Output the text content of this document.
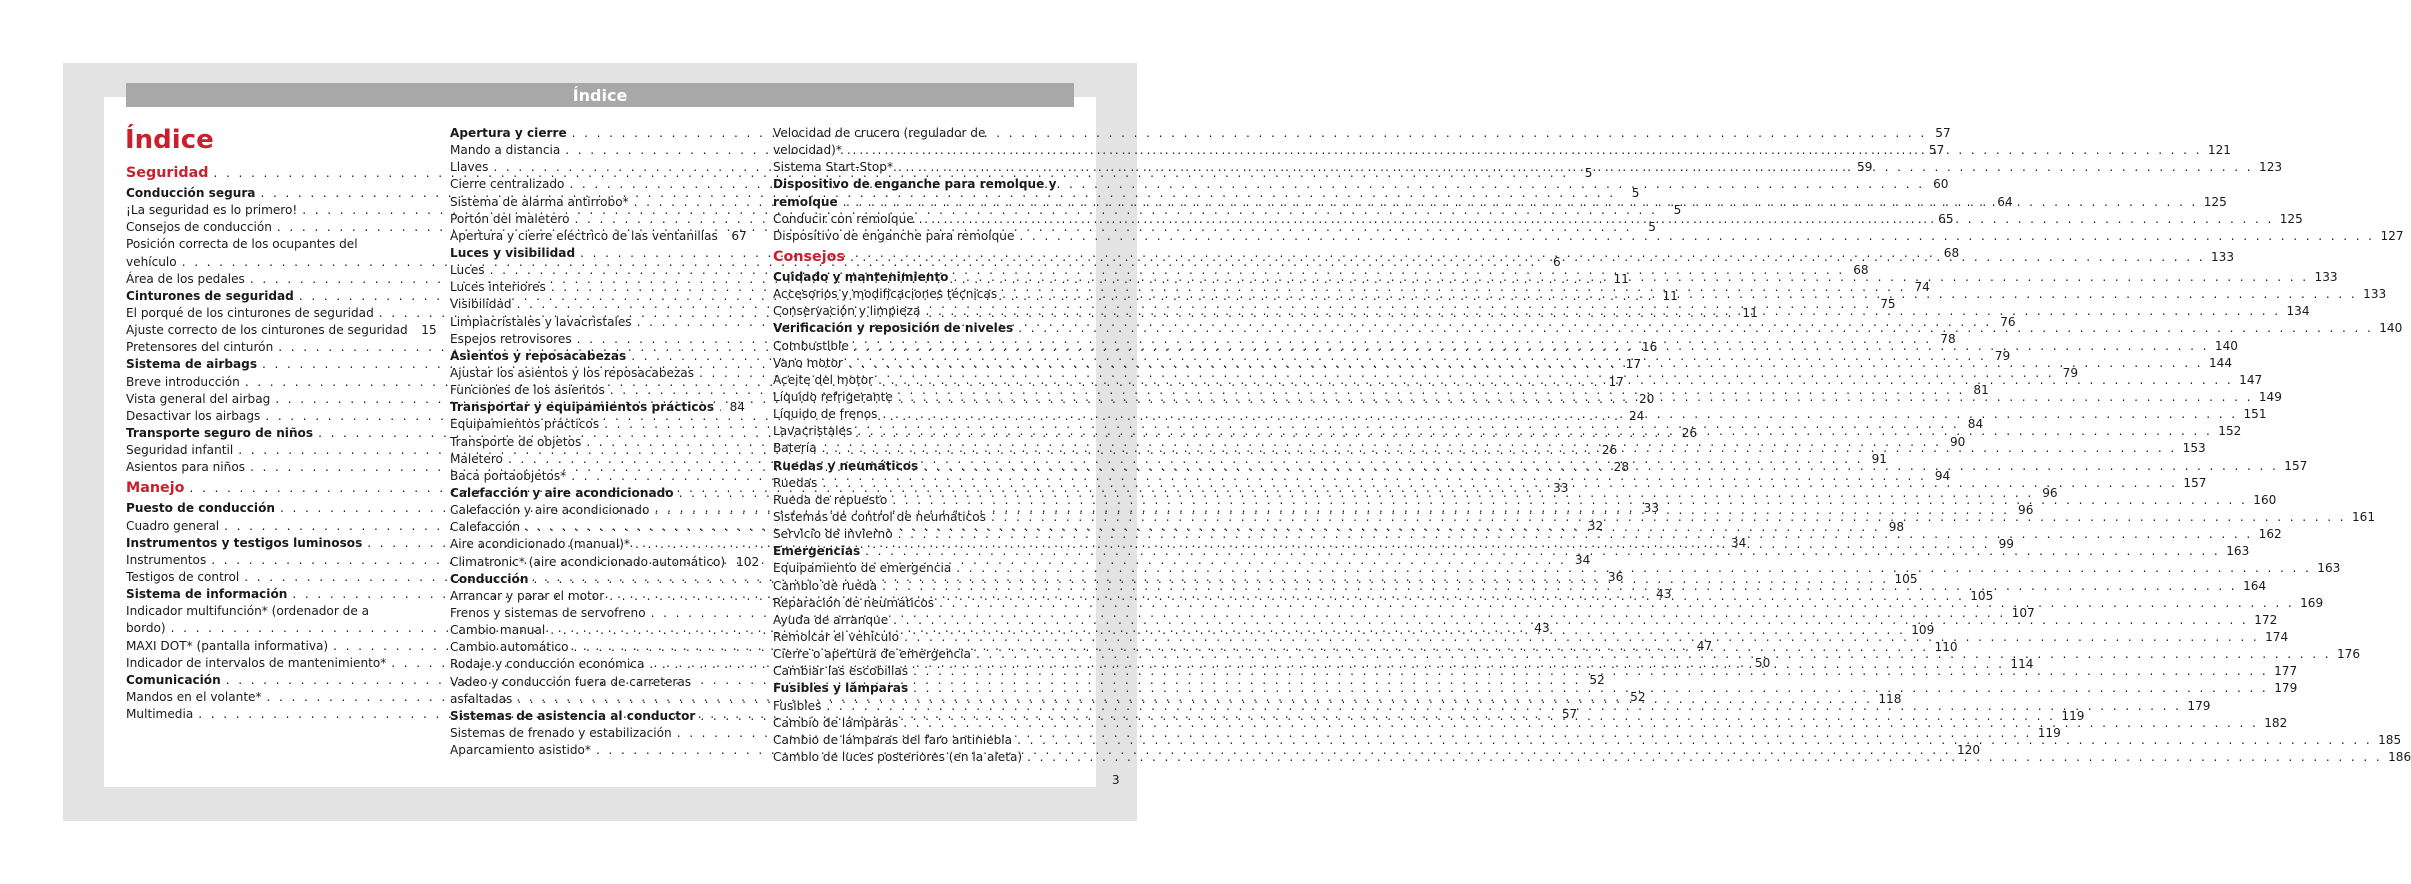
Índice
Índice
Seguridad . . .	5
Conducción segura . . .	5
¡La seguridad es lo primero! . . .	5
Consejos de conducción . . .	5
Posición correcta de los ocupantes del
vehículo . . .	6
Área de los pedales . . .	11
Cinturones de seguridad . . .	11
El porqué de los cinturones de seguridad . . .	11
Ajuste correcto de los cinturones de seguridad 15
Pretensores del cinturón . . .	16
Sistema de airbags . . .	17
Breve introducción . . .	17
Vista general del airbag . . .	20
Desactivar los airbags . . .	24
Transporte seguro de niños . . .	26
Seguridad infantil . . .	26
Asientos para niños . . .	28
Manejo . . .	33
Puesto de conducción . . .	33
Cuadro general . . .	32
Instrumentos y testigos luminosos . . .	34
Instrumentos . . .	34
Testigos de control . . .	36
Sistema de información . . .	43
Indicador multifunción* (ordenador de a
bordo) . . .	43
MAXI DOT* (pantalla informativa) . . .	47
Indicador de intervalos de mantenimiento* . . .	50
Comunicación . . .	52
Mandos en el volante* . . .	52
Multimedia . . .	57
Apertura y cierre . . .	57
Mando a distancia . . .	57
Llaves . . .	59
Cierre centralizado . . .	60
Sistema de alarma antirrobo* . . .	64
Portón del maletero . . .	65
Apertura y cierre eléctrico de las ventanillas 67
Luces y visibilidad . . .	68
Luces . . .	68
Luces interiores . . .	74
Visibilidad . . .	75
Limpiacristales y lavacristales . . .	76
Espejos retrovisores . . .	78
Asientos y reposacabezas . . .	79
Ajustar los asientos y los reposacabezas . . .	79
Funciones de los asientos . . .	81
Transportar y equipamientos prácticos . . . 84
Equipamientos prácticos . . .	84
Transporte de objetos . . .	90
Maletero . . .	91
Baca portaobjetos* . . .	94
Calefacción y aire acondicionado . . .	96
Calefacción y aire acondicionado . . .	96
Calefacción . . .	98
Aire acondicionado (manual)* . . .	99
Climatronic* (aire acondicionado automático) 102
Conducción . . .	105
Arrancar y parar el motor . . .	105
Frenos y sistemas de servofreno . . .	107
Cambio manual . . .	109
Cambio automático . . .	110
Rodaje y conducción económica . . .	114
Vadeo y conducción fuera de carreteras
asfaltadas . . .	118
Sistemas de asistencia al conductor . . .	119
Sistemas de frenado y estabilización . . .	119
Aparcamiento asistido* . . .	120
Velocidad de crucero (regulador de
velocidad)* . . .	121
Sistema Start-Stop* . . .	123
Dispositivo de enganche para remolque y
remolque . . .	125
Conducir con remolque . . .	125
Dispositivo de enganche para remolque . . .	127
Consejos . . .	133
Cuidado y mantenimiento . . .	133
Accesorios y modificaciones técnicas . . .	133
Conservación y limpieza . . .	134
Verificación y reposición de niveles . . .	140
Combustible . . .	140
Vano motor . . .	144
Aceite del motor . . .	147
Líquido refrigerante . . .	149
Líquido de frenos . . .	151
Lavacristales . . .	152
Batería . . .	153
Ruedas y neumáticos . . .	157
Ruedas . . .	157
Rueda de repuesto . . .	160
Sistemas de control de neumáticos . . .	161
Servicio de invierno . . .	162
Emergencias . . .	163
Equipamiento de emergencia . . .	163
Cambio de rueda . . .	164
Reparación de neumáticos . . .	169
Ayuda de arranque . . .	172
Remolcar el vehículo . . .	174
Cierre o apertura de emergencia . . .	176
Cambiar las escobillas . . .	177
Fusibles y lámparas . . .	179
Fusibles . . .	179
Cambio de lámparas . . .	182
Cambio de lámparas del faro antiniebla . . .	185
Cambio de luces posteriores (en la aleta) . . .	186
3
